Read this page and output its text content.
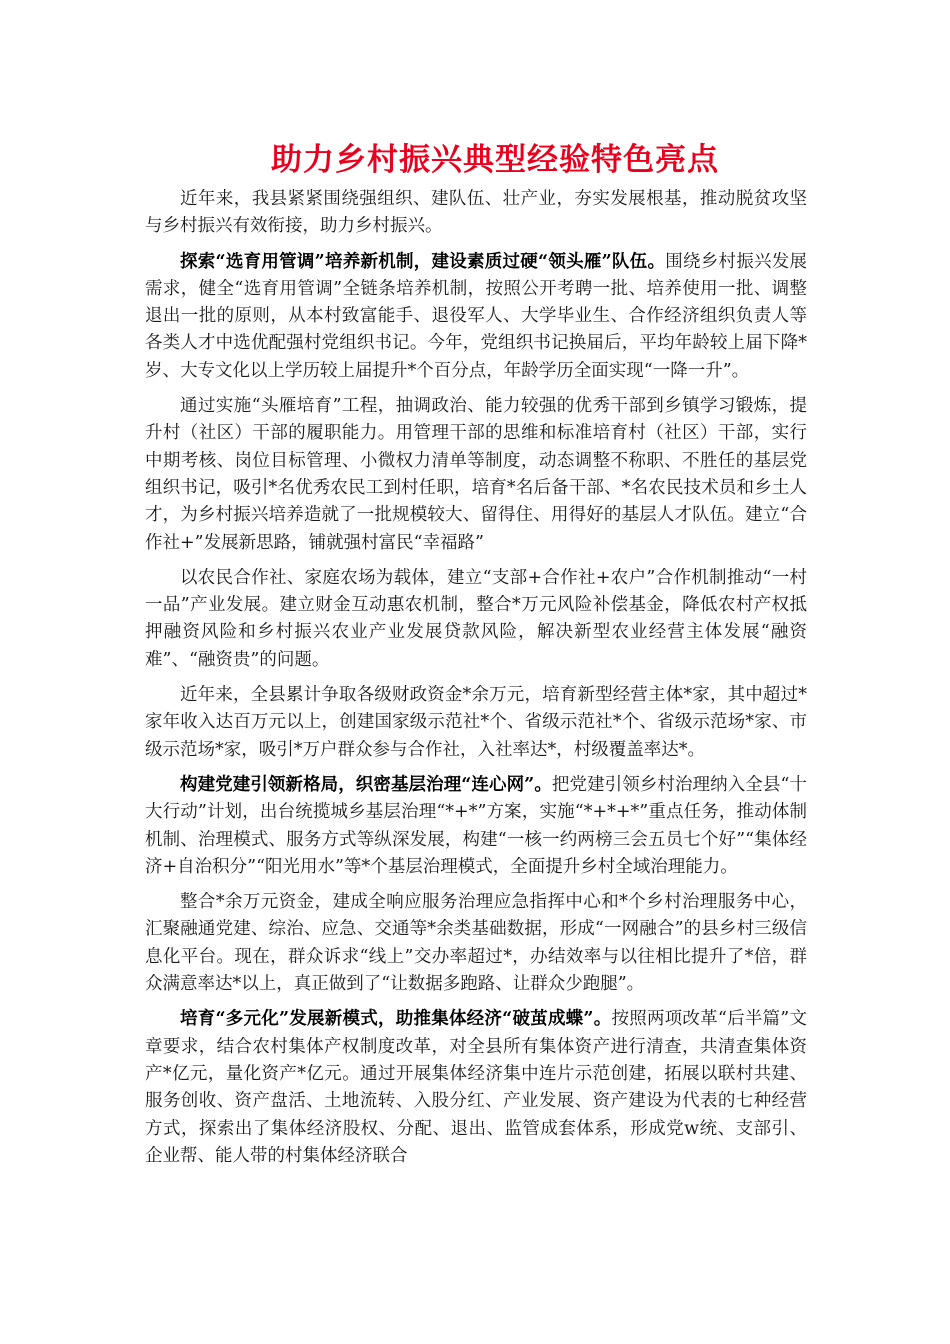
助力乡村振兴典型经验特色亮点

近年来，我县紧紧围绕强组织、建队伍、壮产业，夯实发展根基，推动脱贫攻坚与乡村振兴有效衔接，助力乡村振兴。

探索“选育用管调”培养新机制，建设素质过硬“领头雁”队伍。围绕乡村振兴发展需求，健全“选育用管调”全链条培养机制，按照公开考聘一批、培养使用一批、调整退出一批的原则，从本村致富能手、退役军人、大学毕业生、合作经济组织负责人等各类人才中选优配强村党组织书记。今年，党组织书记换届后，平均年龄较上届下降*岁、大专文化以上学历较上届提升*个百分点，年龄学历全面实现“一降一升”。

通过实施“头雁培育”工程，抽调政治、能力较强的优秀干部到乡镇学习锻炼，提升村（社区）干部的履职能力。用管理干部的思维和标准培育村（社区）干部，实行中期考核、岗位目标管理、小微权力清单等制度，动态调整不称职、不胜任的基层党组织书记，吸引*名优秀农民工到村任职，培育*名后备干部、*名农民技术员和乡土人才，为乡村振兴培养造就了一批规模较大、留得住、用得好的基层人才队伍。建立“合作社+”发展新思路，铺就强村富民“幸福路”

以农民合作社、家庭农场为载体，建立“支部+合作社+农户”合作机制推动“一村一品”产业发展。建立财金互动惠农机制，整合*万元风险补偿基金，降低农村产权抵押融资风险和乡村振兴农业产业发展贷款风险，解决新型农业经营主体发展“融资难”、“融资贵”的问题。

近年来，全县累计争取各级财政资金*余万元，培育新型经营主体*家，其中超过*家年收入达百万元以上，创建国家级示范社*个、省级示范社*个、省级示范场*家、市级示范场*家，吸引*万户群众参与合作社，入社率达*，村级覆盖率达*。

构建党建引领新格局，织密基层治理“连心网”。把党建引领乡村治理纳入全县“十大行动”计划，出台统揽城乡基层治理“*+*”方案，实施“*+*+*”重点任务，推动体制机制、治理模式、服务方式等纵深发展，构建“一核一约两榜三会五员七个好”“集体经济+自治积分”“阳光用水”等*个基层治理模式，全面提升乡村全域治理能力。

整合*余万元资金，建成全响应服务治理应急指挥中心和*个乡村治理服务中心，汇聚融通党建、综治、应急、交通等*余类基础数据，形成“一网融合”的县乡村三级信息化平台。现在，群众诉求“线上”交办率超过*，办结效率与以往相比提升了*倍，群众满意率达*以上，真正做到了“让数据多跑路、让群众少跑腿”。

培育“多元化”发展新模式，助推集体经济“破茧成蝶”。按照两项改革“后半篇”文章要求，结合农村集体产权制度改革，对全县所有集体资产进行清查，共清查集体资产*亿元，量化资产*亿元。通过开展集体经济集中连片示范创建，拓展以联村共建、服务创收、资产盘活、土地流转、入股分红、产业发展、资产建设为代表的七种经营方式，探索出了集体经济股权、分配、退出、监管成套体系，形成党w统、支部引、企业帮、能人带的村集体经济联合
